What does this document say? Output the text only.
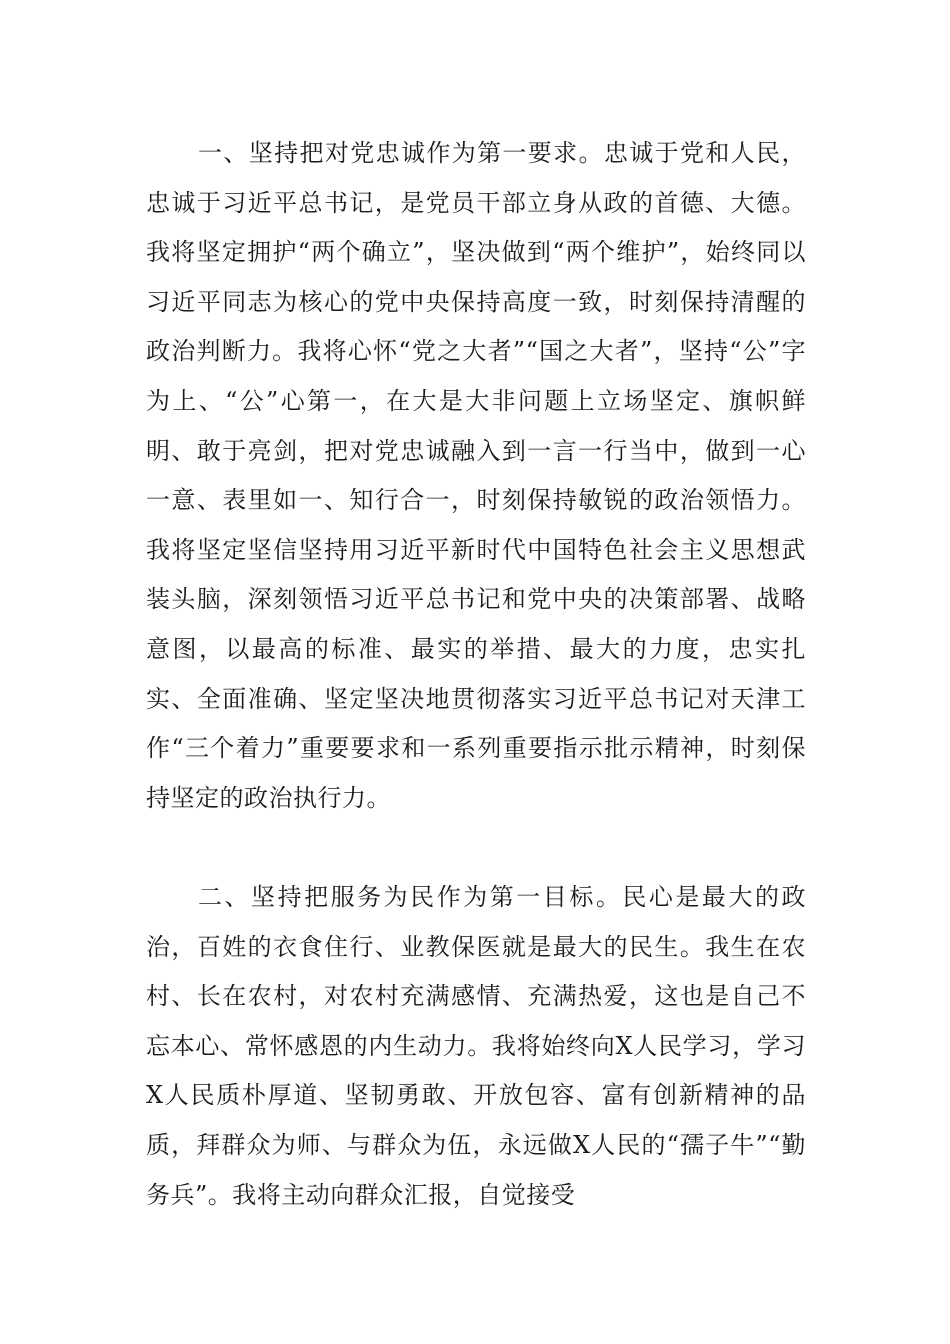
一、坚持把对党忠诚作为第一要求。忠诚于党和人民，忠诚于习近平总书记，是党员干部立身从政的首德、大德。我将坚定拥护“两个确立”，坚决做到“两个维护”，始终同以习近平同志为核心的党中央保持高度一致，时刻保持清醒的政治判断力。我将心怀“党之大者”“国之大者”，坚持“公”字为上、“公”心第一，在大是大非问题上立场坚定、旗帜鲜明、敢于亮剑，把对党忠诚融入到一言一行当中，做到一心一意、表里如一、知行合一，时刻保持敏锐的政治领悟力。我将坚定坚信坚持用习近平新时代中国特色社会主义思想武装头脑，深刻领悟习近平总书记和党中央的决策部署、战略意图，以最高的标准、最实的举措、最大的力度，忠实扎实、全面准确、坚定坚决地贯彻落实习近平总书记对天津工作“三个着力”重要要求和一系列重要指示批示精神，时刻保持坚定的政治执行力。

二、坚持把服务为民作为第一目标。民心是最大的政治，百姓的衣食住行、业教保医就是最大的民生。我生在农村、长在农村，对农村充满感情、充满热爱，这也是自己不忘本心、常怀感恩的内生动力。我将始终向X人民学习，学习X人民质朴厚道、坚韧勇敢、开放包容、富有创新精神的品质，拜群众为师、与群众为伍，永远做X人民的“孺子牛”“勤务兵”。我将主动向群众汇报，自觉接受
